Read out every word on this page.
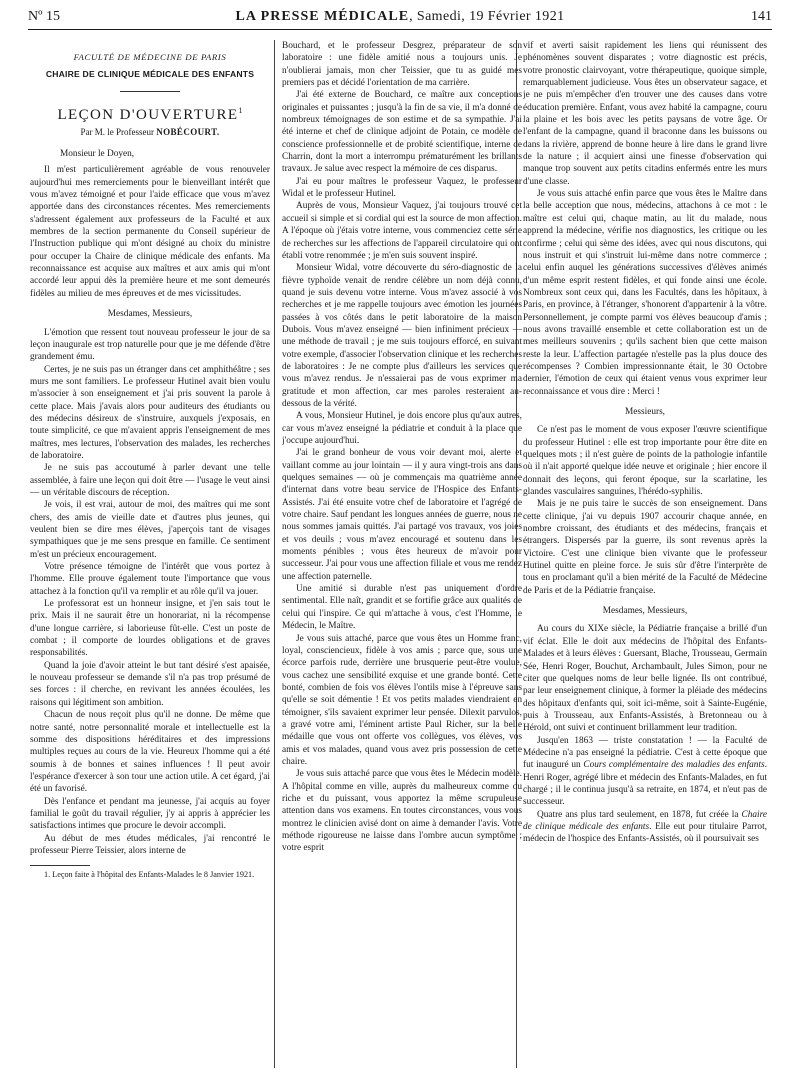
Nº 15	LA PRESSE MÉDICALE, Samedi, 19 Février 1921	141

FACULTÉ DE MÉDECINE DE PARIS

CHAIRE DE CLINIQUE MÉDICALE DES ENFANTS

LEÇON D'OUVERTURE$^1$

Par M. le Professeur NOBÉCOURT.

Monsieur le Doyen,

Il m'est particulièrement agréable de vous renouveler aujourd'hui mes remerciements pour le bienveillant intérêt que vous m'avez témoigné et pour l'aide efficace que vous m'avez apportée dans des circonstances récentes. Mes remerciements s'adressent également aux professeurs de la Faculté et aux membres de la section permanente du Conseil supérieur de l'Instruction publique qui m'ont désigné au choix du ministre pour occuper la Chaire de clinique médicale des enfants. Ma reconnaissance est acquise aux maîtres et aux amis qui m'ont accordé leur appui dès la première heure et me sont demeurés fidèles au milieu de mes épreuves et de mes vicissitudes.

Mesdames, Messieurs,

L'émotion que ressent tout nouveau professeur le jour de sa leçon inaugurale est trop naturelle pour que je me défende d'être grandement ému.

Certes, je ne suis pas un étranger dans cet amphithéâtre ; ses murs me sont familiers. Le professeur Hutinel avait bien voulu m'associer à son enseignement et j'ai pris souvent la parole à cette place. Mais j'avais alors pour auditeurs des étudiants ou des médecins désireux de s'instruire, auxquels j'exposais, en toute simplicité, ce que m'avaient appris l'enseignement de mes maîtres, mes lectures, l'observation des malades, les recherches de laboratoire.

Je ne suis pas accoutumé à parler devant une telle assemblée, à faire une leçon qui doit être — l'usage le veut ainsi — un véritable discours de réception.

Je vois, il est vrai, autour de moi, des maîtres qui me sont chers, des amis de vieille date et d'autres plus jeunes, qui veulent bien se dire mes élèves, j'aperçois tant de visages sympathiques que je me sens presque en famille. Ce sentiment m'est un précieux encouragement.

Votre présence témoigne de l'intérêt que vous portez à l'homme. Elle prouve également toute l'importance que vous attachez à la fonction qu'il va remplir et au rôle qu'il va jouer.

Le professorat est un honneur insigne, et j'en sais tout le prix. Mais il ne saurait être un honorariat, ni la récompense d'une longue carrière, si laborieuse fût-elle. C'est un poste de combat ; il comporte de lourdes obligations et de graves responsabilités.

Quand la joie d'avoir atteint le but tant désiré s'est apaisée, le nouveau professeur se demande s'il n'a pas trop présumé de ses forces : il cherche, en revivant les années écoulées, les raisons qui légitiment son ambition.

Chacun de nous reçoit plus qu'il ne donne. De même que notre santé, notre personnalité morale et intellectuelle est la somme des dispositions héréditaires et des impressions multiples reçues au cours de la vie. Heureux l'homme qui a été soumis à de bonnes et saines influences ! Il peut avoir l'espérance d'exercer à son tour une action utile. A cet égard, j'ai été un favorisé.

Dès l'enfance et pendant ma jeunesse, j'ai acquis au foyer familial le goût du travail régulier, j'y ai appris à apprécier les satisfactions intimes que procure le devoir accompli.

Au début de mes études médicales, j'ai rencontré le professeur Pierre Teissier, alors interne de

1. Leçon faite à l'hôpital des Enfants-Malades le 8 Janvier 1921.

Bouchard, et le professeur Desgrez, préparateur de son laboratoire : une fidèle amitié nous a toujours unis. Je n'oublierai jamais, mon cher Teissier, que tu as guidé mes premiers pas et décidé l'orientation de ma carrière.

J'ai été externe de Bouchard, ce maître aux conceptions originales et puissantes ; jusqu'à la fin de sa vie, il m'a donné de nombreux témoignages de son estime et de sa sympathie. J'ai été interne et chef de clinique adjoint de Potain, ce modèle de conscience professionnelle et de probité scientifique, interne de Charrin, dont la mort a interrompu prématurément les brillants travaux. Je salue avec respect la mémoire de ces disparus.

J'ai eu pour maîtres le professeur Vaquez, le professeur Widal et le professeur Hutinel.

Auprès de vous, Monsieur Vaquez, j'ai toujours trouvé cet accueil si simple et si cordial qui est la source de mon affection. A l'époque où j'étais votre interne, vous commenciez cette série de recherches sur les affections de l'appareil circulatoire qui ont établi votre renommée ; je m'en suis souvent inspiré.

Monsieur Widal, votre découverte du séro-diagnostic de la fièvre typhoïde venait de rendre célèbre un nom déjà connu, quand je suis devenu votre interne. Vous m'avez associé à vos recherches et je me rappelle toujours avec émotion les journées passées à vos côtés dans le petit laboratoire de la maison Dubois. Vous m'avez enseigné — bien infiniment précieux — une méthode de travail ; je me suis toujours efforcé, en suivant votre exemple, d'associer l'observation clinique et les recherches de laboratoires : Je ne compte plus d'ailleurs les services que vous m'avez rendus. Je n'essaierai pas de vous exprimer ma gratitude et mon affection, car mes paroles resteraient au-dessous de la vérité.

A vous, Monsieur Hutinel, je dois encore plus qu'aux autres, car vous m'avez enseigné la pédiatrie et conduit à la place que j'occupe aujourd'hui.

J'ai le grand bonheur de vous voir devant moi, alerte et vaillant comme au jour lointain — il y aura vingt-trois ans dans quelques semaines — où je commençais ma quatrième année d'internat dans votre beau service de l'Hospice des Enfants-Assistés. J'ai été ensuite votre chef de laboratoire et l'agrégé de votre chaire. Sauf pendant les longues années de guerre, nous ne nous sommes jamais quittés. J'ai partagé vos travaux, vos joies et vos deuils ; vous m'avez encouragé et soutenu dans les moments pénibles ; vous êtes heureux de m'avoir pour successeur. J'ai pour vous une affection filiale et vous me rendez une affection paternelle.

Une amitié si durable n'est pas uniquement d'ordre sentimental. Elle naît, grandit et se fortifie grâce aux qualités de celui qui l'inspire. Ce qui m'attache à vous, c'est l'Homme, le Médecin, le Maître.

Je vous suis attaché, parce que vous êtes un Homme franc, loyal, consciencieux, fidèle à vos amis ; parce que, sous une écorce parfois rude, derrière une brusquerie peut-être voulue, vous cachez une sensibilité exquise et une grande bonté. Cette bonté, combien de fois vos élèves l'ontils mise à l'épreuve sans qu'elle se soit démentie ! Et vos petits malades viendraient en témoigner, s'ils savaient exprimer leur pensée. Dilexit parvulos, a gravé votre ami, l'éminent artiste Paul Richer, sur la belle médaille que vous ont offerte vos collègues, vos élèves, vos amis et vos malades, quand vous avez pris possession de cette chaire.

Je vous suis attaché parce que vous êtes le Médecin modèle. A l'hôpital comme en ville, auprès du malheureux comme du riche et du puissant, vous apportez la même scrupuleuse attention dans vos examens. En toutes circonstances, vous vous montrez le clinicien avisé dont on aime à demander l'avis. Votre méthode rigoureuse ne laisse dans l'ombre aucun symptôme ; votre esprit

vif et averti saisit rapidement les liens qui réunissent des phénomènes souvent disparates ; votre diagnostic est précis, votre pronostic clairvoyant, votre thérapeutique, quoique simple, remarquablement judicieuse. Vous êtes un observateur sagace, et je ne puis m'empêcher d'en trouver une des causes dans votre éducation première. Enfant, vous avez habité la campagne, couru la plaine et les bois avec les petits paysans de votre âge. Or l'enfant de la campagne, quand il braconne dans les buissons ou dans la rivière, apprend de bonne heure à lire dans le grand livre de la nature ; il acquiert ainsi une finesse d'observation qui manque trop souvent aux petits citadins enfermés entre les murs d'une classe.

Je vous suis attaché enfin parce que vous êtes le Maître dans la belle acception que nous, médecins, attachons à ce mot : le maître est celui qui, chaque matin, au lit du malade, nous apprend la médecine, vérifie nos diagnostics, les critique ou les confirme ; celui qui sème des idées, avec qui nous discutons, qui nous instruit et qui s'instruit lui-même dans notre commerce ; celui enfin auquel les générations successives d'élèves animés d'un même esprit restent fidèles, et qui fonde ainsi une école. Nombreux sont ceux qui, dans les Facultés, dans les hôpitaux, à Paris, en province, à l'étranger, s'honorent d'appartenir à la vôtre. Personnellement, je compte parmi vos élèves beaucoup d'amis ; nous avons travaillé ensemble et cette collaboration est un de mes meilleurs souvenirs ; qu'ils sachent bien que cette maison reste la leur. L'affection partagée n'estelle pas la plus douce des récompenses ? Combien impressionnante était, le 30 Octobre dernier, l'émotion de ceux qui étaient venus vous exprimer leur reconnaissance et vous dire : Merci !

Messieurs,

Ce n'est pas le moment de vous exposer l'œuvre scientifique du professeur Hutinel : elle est trop importante pour être dite en quelques mots ; il n'est guère de points de la pathologie infantile où il n'ait apporté quelque idée neuve et originale ; hier encore il donnait des leçons, qui feront époque, sur la scarlatine, les glandes vasculaires sanguines, l'hérédo-syphilis.

Mais je ne puis taire le succès de son enseignement. Dans cette clinique, j'ai vu depuis 1907 accourir chaque année, en nombre croissant, des étudiants et des médecins, français et étrangers. Dispersés par la guerre, ils sont revenus après la Victoire. C'est une clinique bien vivante que le professeur Hutinel quitte en pleine force. Je suis sûr d'être l'interprète de tous en proclamant qu'il a bien mérité de la Faculté de Médecine de Paris et de la Pédiatrie française.

Mesdames, Messieurs,

Au cours du XIXe siècle, la Pédiatrie française a brillé d'un vif éclat. Elle le doit aux médecins de l'hôpital des Enfants-Malades et à leurs élèves : Guersant, Blache, Trousseau, Germain Sée, Henri Roger, Bouchut, Archambault, Jules Simon, pour ne citer que quelques noms de leur belle lignée. Ils ont contribué, par leur enseignement clinique, à former la pléiade des médecins des hôpitaux d'enfants qui, soit ici-même, soit à Sainte-Eugénie, puis à Trousseau, aux Enfants-Assistés, à Bretonneau ou à Hérold, ont suivi et continuent brillamment leur tradition.

Jusqu'en 1863 — triste constatation ! — la Faculté de Médecine n'a pas enseigné la pédiatrie. C'est à cette époque que fut inauguré un Cours complémentaire des maladies des enfants. Henri Roger, agrégé libre et médecin des Enfants-Malades, en fut chargé ; il le continua jusqu'à sa retraite, en 1874, et n'eut pas de successeur.

Quatre ans plus tard seulement, en 1878, fut créée la Chaire de clinique médicale des enfants. Elle eut pour titulaire Parrot, médecin de l'hospice des Enfants-Assistés, où il poursuivait ses
